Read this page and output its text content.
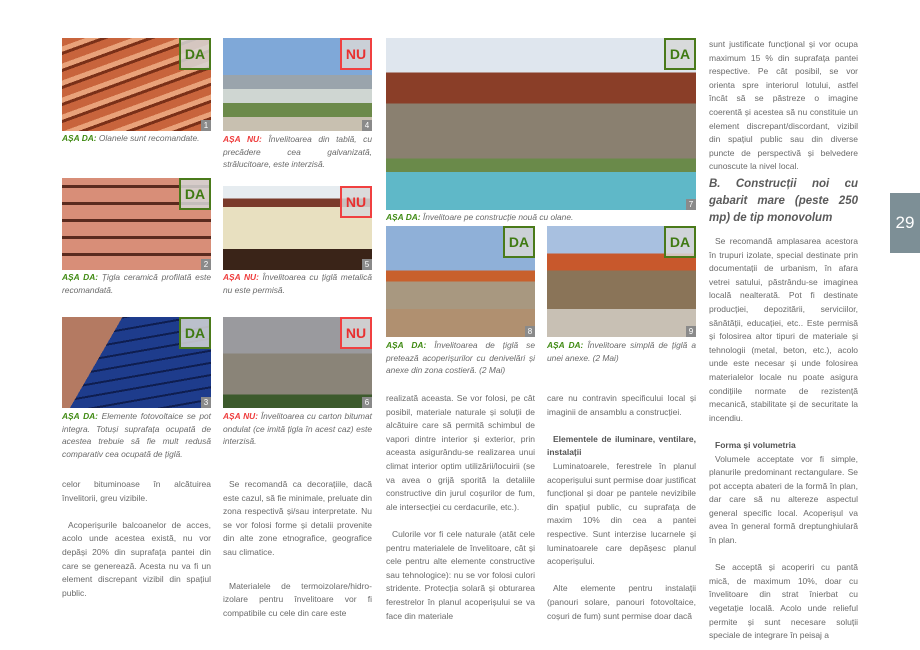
DA
1
DA
2
DA
3
NU
4
NU
5
NU
6
DA
7
DA
8
DA
9
AȘA DA: Olanele sunt recomandate.
AȘA DA: Țigla ceramică profilată este recomandată.
AȘA DA: Elemente fotovoltaice se pot integra. Totuși suprafața ocupată de acestea trebuie să fie mult redusă comparativ cea ocupată de țiglă.
AȘA NU: Învelitoarea din tablă, cu precădere cea galvanizată, strălucitoare, este interzisă.
AȘA NU: Învelitoarea cu țiglă metalică nu este permisă.
AȘA NU: Învelitoarea cu carton bitumat ondulat (ce imită țigla în acest caz) este interzisă.
AȘA DA: Învelitoare pe construcție nouă cu olane.
AȘA DA: Învelitoarea de țiglă se pretează acoperișurilor cu denivelări și anexe din zona costieră. (2 Mai)
AȘA DA: Învelitoare simplă de țiglă a unei anexe. (2 Mai)

celor bituminoase în alcătuirea învelitorii, greu vizibile.

Acoperișurile balcoanelor de acces, acolo unde acestea există, nu vor depăși 20% din suprafața pantei din care se generează. Acesta nu va fi un element discrepant vizibil din spațiul public.

Se recomandă ca decorațiile, dacă este cazul, să fie minimale, preluate din zona respectivă și/sau interpretate. Nu se vor folosi forme și detalii provenite din alte zone etnografice, geografice sau climatice.

Materialele de termoizolare/hidro-izolare pentru învelitoare vor fi compatibile cu cele din care este

realizată aceasta. Se vor folosi, pe cât posibil, materiale naturale și soluții de alcătuire care să permită schimbul de vapori dintre interior și exterior, prin aceasta asigurându-se realizarea unui climat interior optim utilizării/locuirii (se va avea o grijă sporită la detaliile constructive din jurul coșurilor de fum, ale intersecției cu cerdacurile, etc.).

Culorile vor fi cele naturale (atât cele pentru materialele de învelitoare, cât și cele pentru alte elemente constructive sau tehnologice): nu se vor folosi culori stridente. Protecția solară și obturarea ferestrelor în planul acoperișului se va face din materiale

care nu contravin specificului local și imaginii de ansamblu a construcției.

Elementele de iluminare, ventilare, instalații

Luminatoarele, ferestrele în planul acoperișului sunt permise doar justificat funcțional și doar pe pantele nevizibile din spațiul public, cu suprafața de maxim 10% din cea a pantei respective. Sunt interzise lucarnele și luminatoarele care depășesc planul acoperișului.

Alte elemente pentru instalații (panouri solare, panouri fotovoltaice, coșuri de fum) sunt permise doar dacă

sunt justificate funcțional și vor ocupa maximum 15 % din suprafața pantei respective. Pe cât posibil, se vor orienta spre interiorul lotului, astfel încât să se păstreze o imagine coerentă și acestea să nu constituie un element discrepant/discordant, vizibil din spațiul public sau din diverse puncte de perspectivă și belvedere cunoscute la nivel local.

B. Construcții noi cu gabarit mare (peste 250 mp) de tip monovolum

Se recomandă amplasarea acestora în trupuri izolate, special destinate prin documentații de urbanism, în afara vetrei satului, păstrându-se imaginea locală nealterată. Pot fi destinate producției, depozitării, serviciilor, sănătății, educației, etc.. Este permisă și folosirea altor tipuri de materiale și tehnologii (metal, beton, etc.), acolo unde este necesar și unde folosirea materialelor locale nu poate asigura condițiile normate de rezistență mecanică, stabilitate și de securitate la incendiu.

Forma și volumetria

Volumele acceptate vor fi simple, planurile predominant rectangulare. Se pot accepta abateri de la formă în plan, dar care să nu altereze aspectul general specific local. Acoperișul va avea în general formă dreptunghiulară în plan.

Se acceptă și acoperiri cu pantă mică, de maximum 10%, doar cu învelitoare din strat înierbat cu vegetație locală. Acolo unde relieful permite și sunt necesare soluții speciale de integrare în peisaj a

29
